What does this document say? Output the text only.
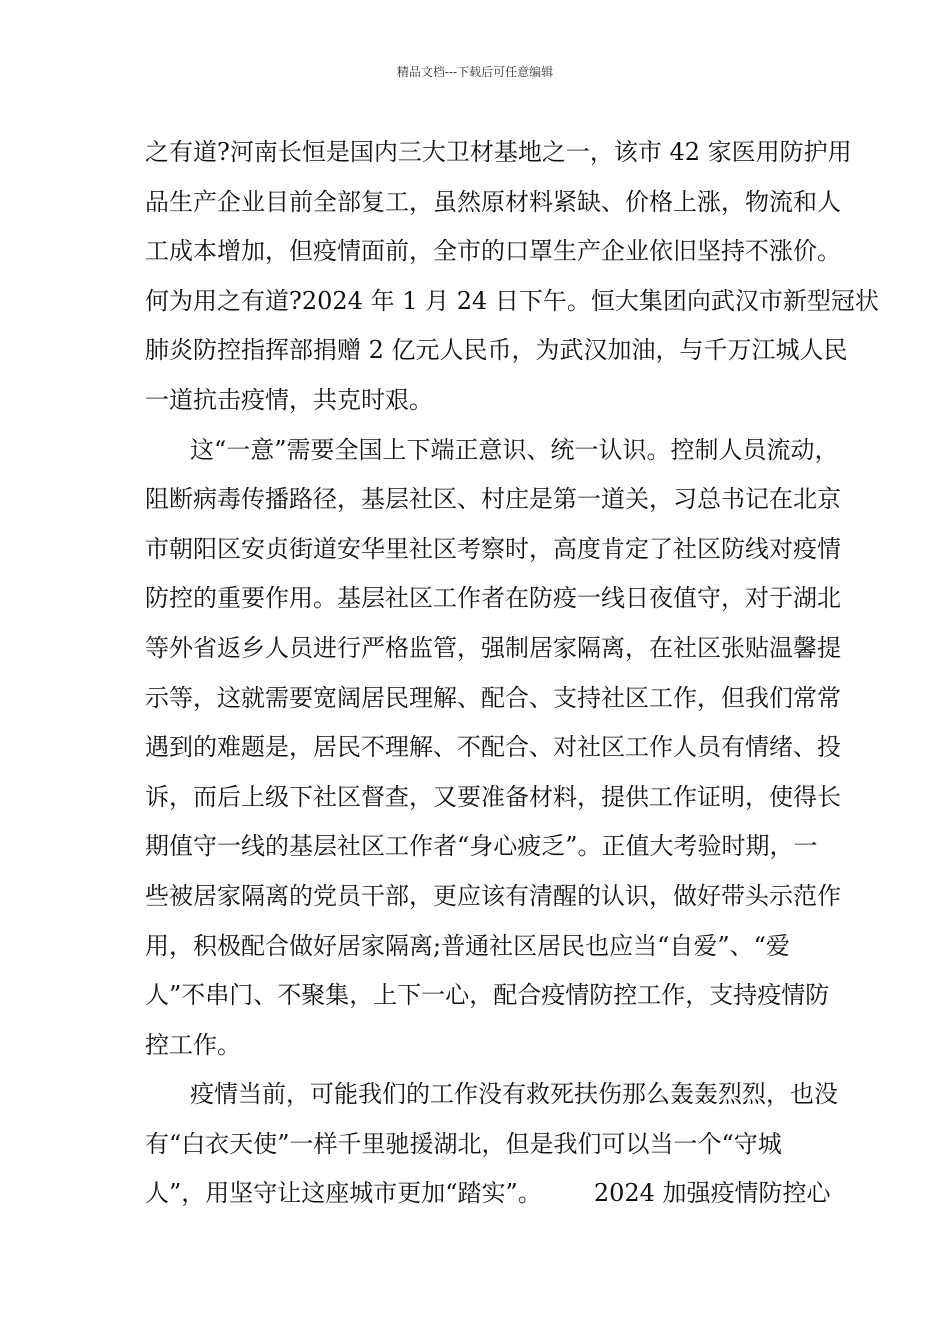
精品文档---下载后可任意编辑
之有道?河南长恒是国内三大卫材基地之一，该市 42 家医用防护用
品生产企业目前全部复工，虽然原材料紧缺、价格上涨，物流和人
工成本增加，但疫情面前，全市的口罩生产企业依旧坚持不涨价。
何为用之有道?2024 年 1 月 24 日下午。恒大集团向武汉市新型冠状
肺炎防控指挥部捐赠 2 亿元人民币，为武汉加油，与千万江城人民
一道抗击疫情，共克时艰。
这“一意”需要全国上下端正意识、统一认识。控制人员流动，
阻断病毒传播路径，基层社区、村庄是第一道关，习总书记在北京
市朝阳区安贞街道安华里社区考察时，高度肯定了社区防线对疫情
防控的重要作用。基层社区工作者在防疫一线日夜值守，对于湖北
等外省返乡人员进行严格监管，强制居家隔离，在社区张贴温馨提
示等，这就需要宽阔居民理解、配合、支持社区工作，但我们常常
遇到的难题是，居民不理解、不配合、对社区工作人员有情绪、投
诉，而后上级下社区督查，又要准备材料，提供工作证明，使得长
期值守一线的基层社区工作者“身心疲乏”。正值大考验时期，一
些被居家隔离的党员干部，更应该有清醒的认识，做好带头示范作
用，积极配合做好居家隔离;普通社区居民也应当“自爱”、“爱
人”不串门、不聚集，上下一心，配合疫情防控工作，支持疫情防
控工作。
疫情当前，可能我们的工作没有救死扶伤那么轰轰烈烈，也没
有“白衣天使”一样千里驰援湖北，但是我们可以当一个“守城
人”，用坚守让这座城市更加“踏实”。 2024 加强疫情防控心
